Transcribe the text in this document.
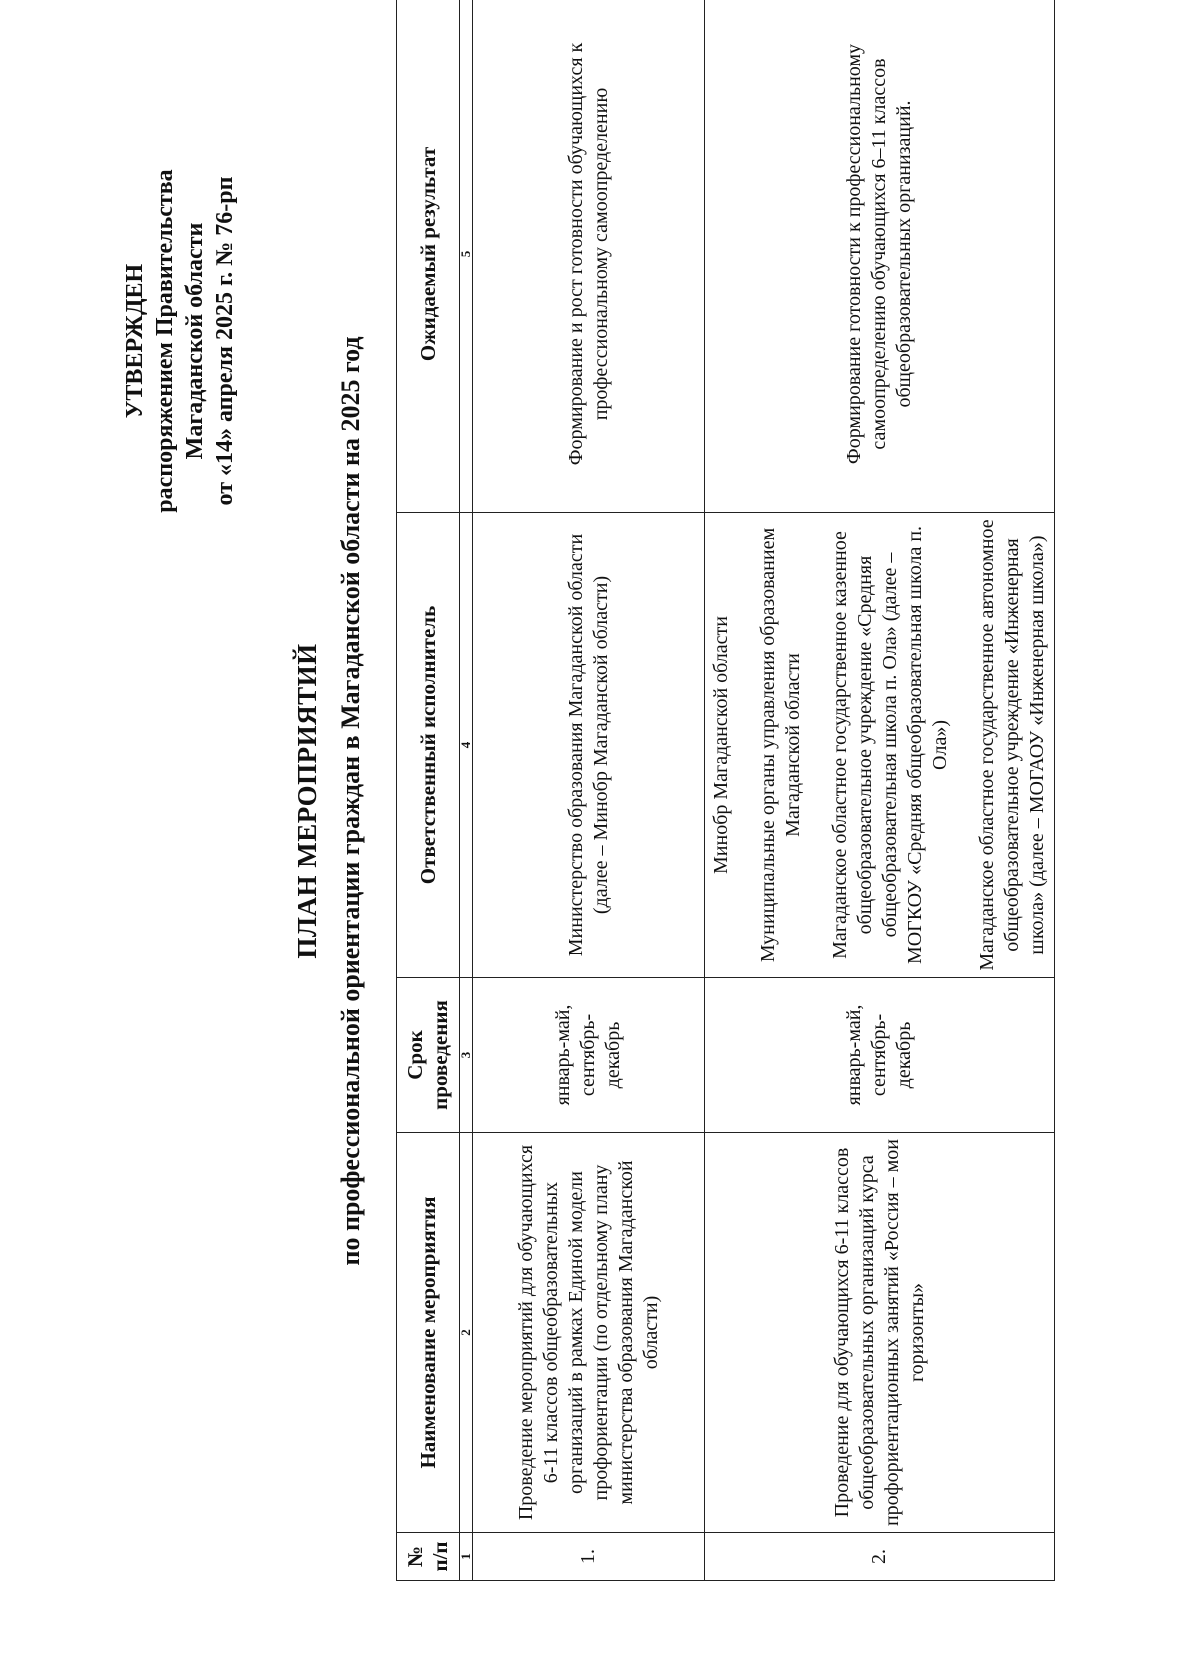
УТВЕРЖДЕН распоряжением Правительства Магаданской области от «14» апреля 2025 г. № 76-рп
ПЛАН МЕРОПРИЯТИЙ по профессиональной ориентации граждан в Магаданской области на 2025 год
№ п/п	Наименование мероприятия	Срок проведения	Ответственный исполнитель	Ожидаемый результат
1	2	3	4	5
1.	Проведение мероприятий для обучающихся 6-11 классов общеобразовательных организаций в рамках Единой модели профориентации (по отдельному плану министерства образования Магаданской области)	январь-май, сентябрь-декабрь	Министерство образования Магаданской области (далее – Минобр Магаданской области)	Формирование и рост готовности обучающихся к профессиональному самоопределению
2.	Проведение для обучающихся 6-11 классов общеобразовательных организаций курса профориентационных занятий «Россия – мои горизонты»	январь-май, сентябрь-декабрь	Минобр Магаданской области Муниципальные органы управления образованием Магаданской области Магаданское областное государственное казенное общеобразовательное учреждение «Средняя общеобразовательная школа п. Ола» (далее – МОГКОУ «Средняя общеобразовательная школа п. Ола») Магаданское областное государственное автономное общеобразовательное учреждение «Инженерная школа» (далее – МОГАОУ «Инженерная школа»)	Формирование готовности к профессиональному самоопределению обучающихся 6–11 классов общеобразовательных организаций.
